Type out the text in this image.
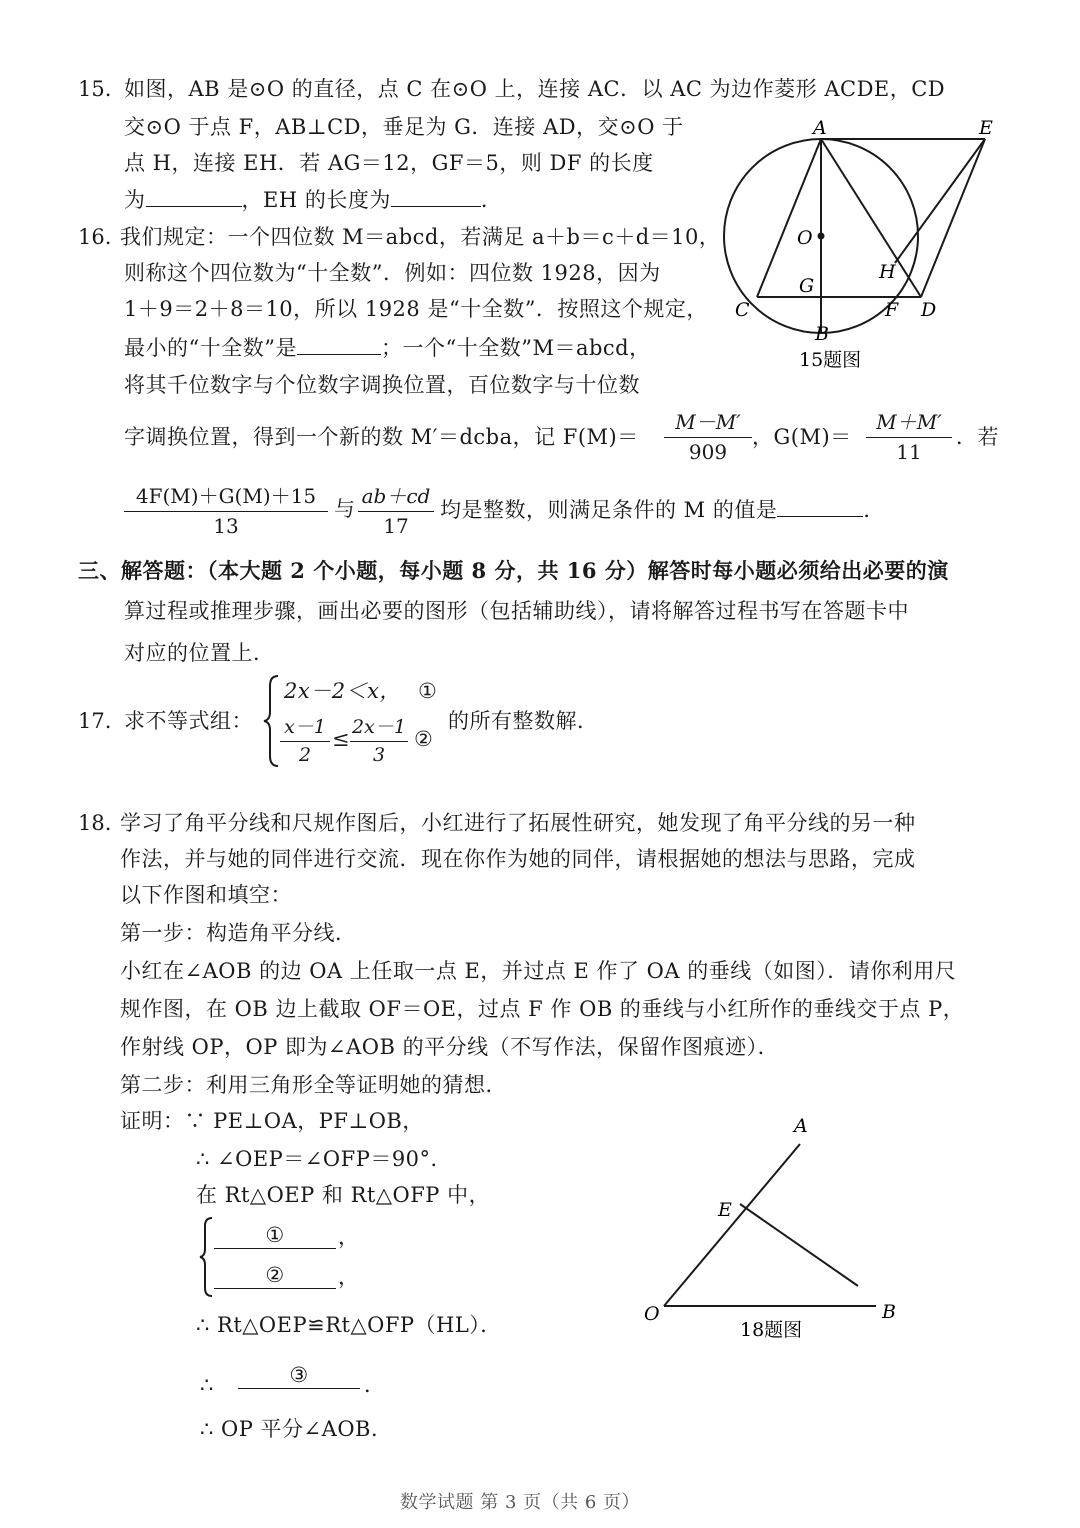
15. 如图，AB 是⊙O 的直径，点 C 在⊙O 上，连接 AC．以 AC 为边作菱形 ACDE，CD
交⊙O 于点 F，AB⊥CD，垂足为 G．连接 AD，交⊙O 于
点 H，连接 EH．若 AG＝12，GF＝5，则 DF 的长度
为	，EH 的长度为	．
A	E
O
H
G
C	F D
B
15题图
16. 我们规定：一个四位数 M＝abcd，若满足 a＋b＝c＋d＝10，
则称这个四位数为“十全数”．例如：四位数 1928，因为
1＋9＝2＋8＝10，所以 1928 是“十全数”．按照这个规定，
最小的“十全数”是	；一个“十全数”M＝abcd，
将其千位数字与个位数字调换位置，百位数字与十位数
字调换位置，得到一个新的数 M′＝dcba，记 $F(M)= \frac{M-M'}{909}$ ，$G(M)= \frac{M+M'}{11}$ ．若
$\frac{4F(M)+G(M)+15}{13}$ 与 $\frac{ab+cd}{17}$ 均是整数，则满足条件的 M 的值是	．
三、解答题：（本大题 2 个小题，每小题 8 分，共 16 分）解答时每小题必须给出必要的演
算过程或推理步骤，画出必要的图形（包括辅助线），请将解答过程书写在答题卡中
对应的位置上．
17. 求不等式组：
2x－2＜x， ①
$\frac{x-1}{2} \le \frac{2x-1}{3}$ ②
的所有整数解．
18. 学习了角平分线和尺规作图后，小红进行了拓展性研究，她发现了角平分线的另一种
作法，并与她的同伴进行交流．现在你作为她的同伴，请根据她的想法与思路，完成
以下作图和填空：
第一步：构造角平分线．
小红在∠AOB 的边 OA 上任取一点 E，并过点 E 作了 OA 的垂线（如图）．请你利用尺
规作图，在 OB 边上截取 OF＝OE，过点 F 作 OB 的垂线与小红所作的垂线交于点 P，
作射线 OP，OP 即为∠AOB 的平分线（不写作法，保留作图痕迹）．
第二步：利用三角形全等证明她的猜想．
证明：∵ PE⊥OA，PF⊥OB，
∴ ∠OEP＝∠OFP＝90°．
在 Rt△OEP 和 Rt△OFP 中，
①	，
②	，
∴ Rt△OEP≌Rt△OFP（HL）．
∴	③	．
∴ OP 平分∠AOB．
A
E
O	B
18题图
数学试题 第 3 页（共 6 页）
